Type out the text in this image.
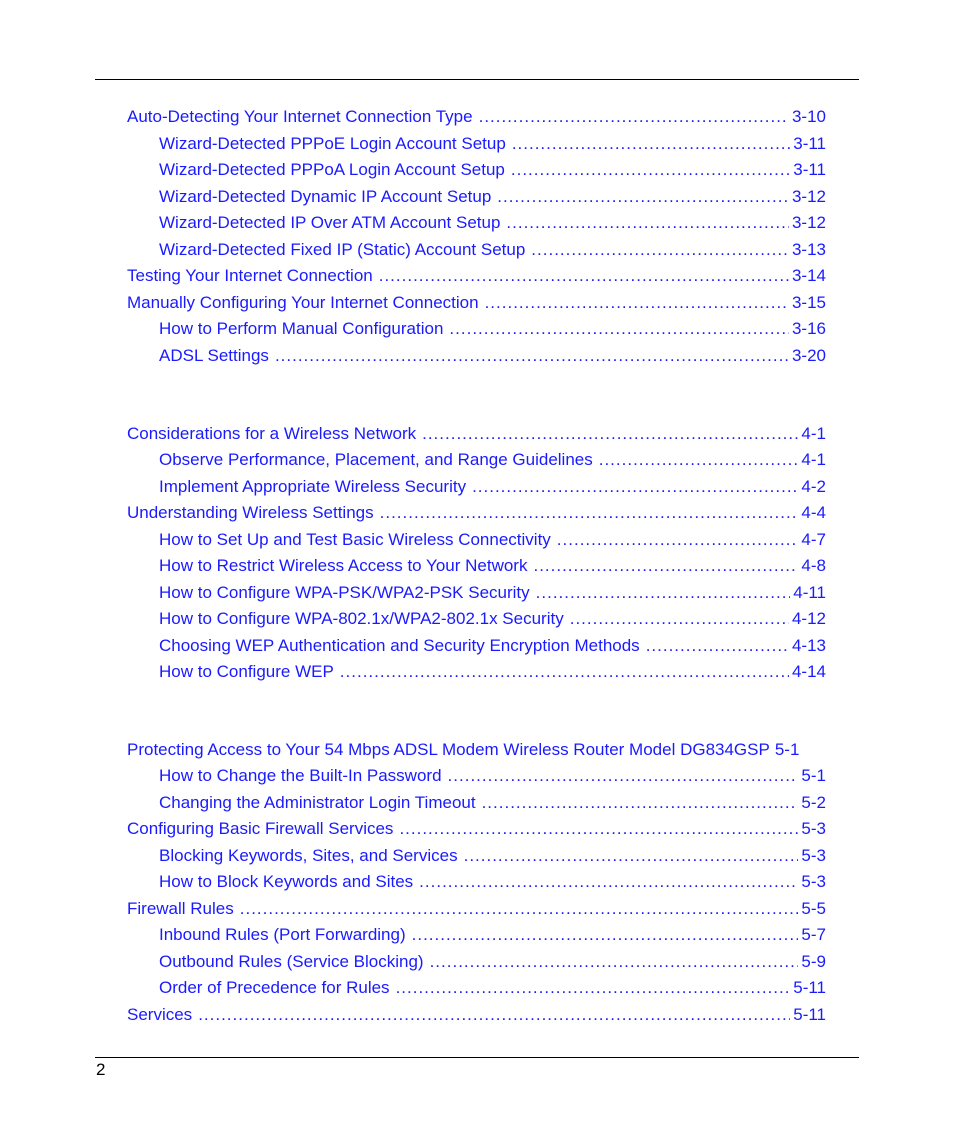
Auto-Detecting Your Internet Connection Type .....	3-10
Wizard-Detected PPPoE Login Account Setup .....	3-11
Wizard-Detected PPPoA Login Account Setup .....	3-11
Wizard-Detected Dynamic IP Account Setup .....	3-12
Wizard-Detected IP Over ATM Account Setup .....	3-12
Wizard-Detected Fixed IP (Static) Account Setup .....	3-13
Testing Your Internet Connection .....	3-14
Manually Configuring Your Internet Connection .....	3-15
How to Perform Manual Configuration .....	3-16
ADSL Settings .....	3-20
Considerations for a Wireless Network .....	4-1
Observe Performance, Placement, and Range Guidelines .....	4-1
Implement Appropriate Wireless Security .....	4-2
Understanding Wireless Settings .....	4-4
How to Set Up and Test Basic Wireless Connectivity .....	4-7
How to Restrict Wireless Access to Your Network .....	4-8
How to Configure WPA-PSK/WPA2-PSK Security .....	4-11
How to Configure WPA-802.1x/WPA2-802.1x Security .....	4-12
Choosing WEP Authentication and Security Encryption Methods .....	4-13
How to Configure WEP .....	4-14
Protecting Access to Your 54 Mbps ADSL Modem Wireless Router Model DG834GSP 5-1
How to Change the Built-In Password .....	5-1
Changing the Administrator Login Timeout .....	5-2
Configuring Basic Firewall Services .....	5-3
Blocking Keywords, Sites, and Services .....	5-3
How to Block Keywords and Sites .....	5-3
Firewall Rules .....	5-5
Inbound Rules (Port Forwarding) .....	5-7
Outbound Rules (Service Blocking) .....	5-9
Order of Precedence for Rules .....	5-11
Services .....	5-11
2
